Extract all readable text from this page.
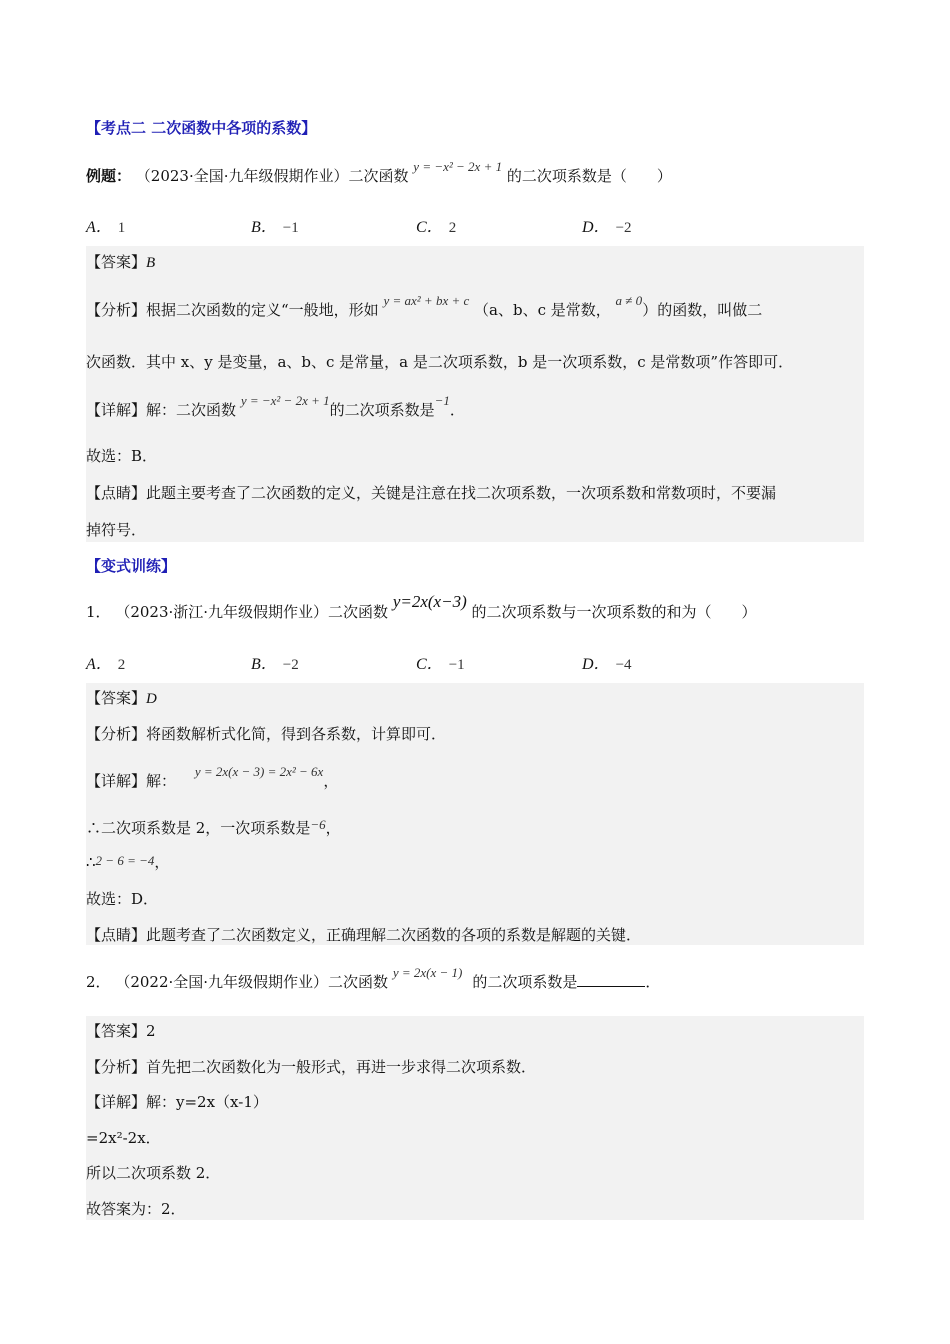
【考点二 二次函数中各项的系数】
例题： （2023·全国·九年级假期作业）二次函数 y = −x² − 2x + 1 的二次项系数是（　　）
A． 1	B． −1	C． 2	D． −2
【答案】B
【分析】根据二次函数的定义“一般地，形如 y = ax² + bx + c （a、b、c 是常数， a ≠ 0）的函数，叫做二
次函数．其中 x、y 是变量，a、b、c 是常量，a 是二次项系数，b 是一次项系数，c 是常数项”作答即可．
【详解】解：二次函数 y = −x² − 2x + 1的二次项系数是−1．
故选：B．
【点睛】此题主要考查了二次函数的定义，关键是注意在找二次项系数，一次项系数和常数项时，不要漏
掉符号．
【变式训练】
1． （2023·浙江·九年级假期作业）二次函数 y=2x(x−3) 的二次项系数与一次项系数的和为（　　）
A． 2	B． −2	C． −1	D． −4
【答案】D
【分析】将函数解析式化简，得到各系数，计算即可．
【详解】解： y = 2x(x − 3) = 2x² − 6x，
∴二次项系数是 2，一次项系数是−6，
∴2 − 6 = −4，
故选：D．
【点睛】此题考查了二次函数定义，正确理解二次函数的各项的系数是解题的关键．
2． （2022·全国·九年级假期作业）二次函数 y = 2x(x − 1)的二次项系数是	．
【答案】2
【分析】首先把二次函数化为一般形式，再进一步求得二次项系数．
【详解】解：y=2x（x-1）
=2x²-2x．
所以二次项系数 2．
故答案为：2．
